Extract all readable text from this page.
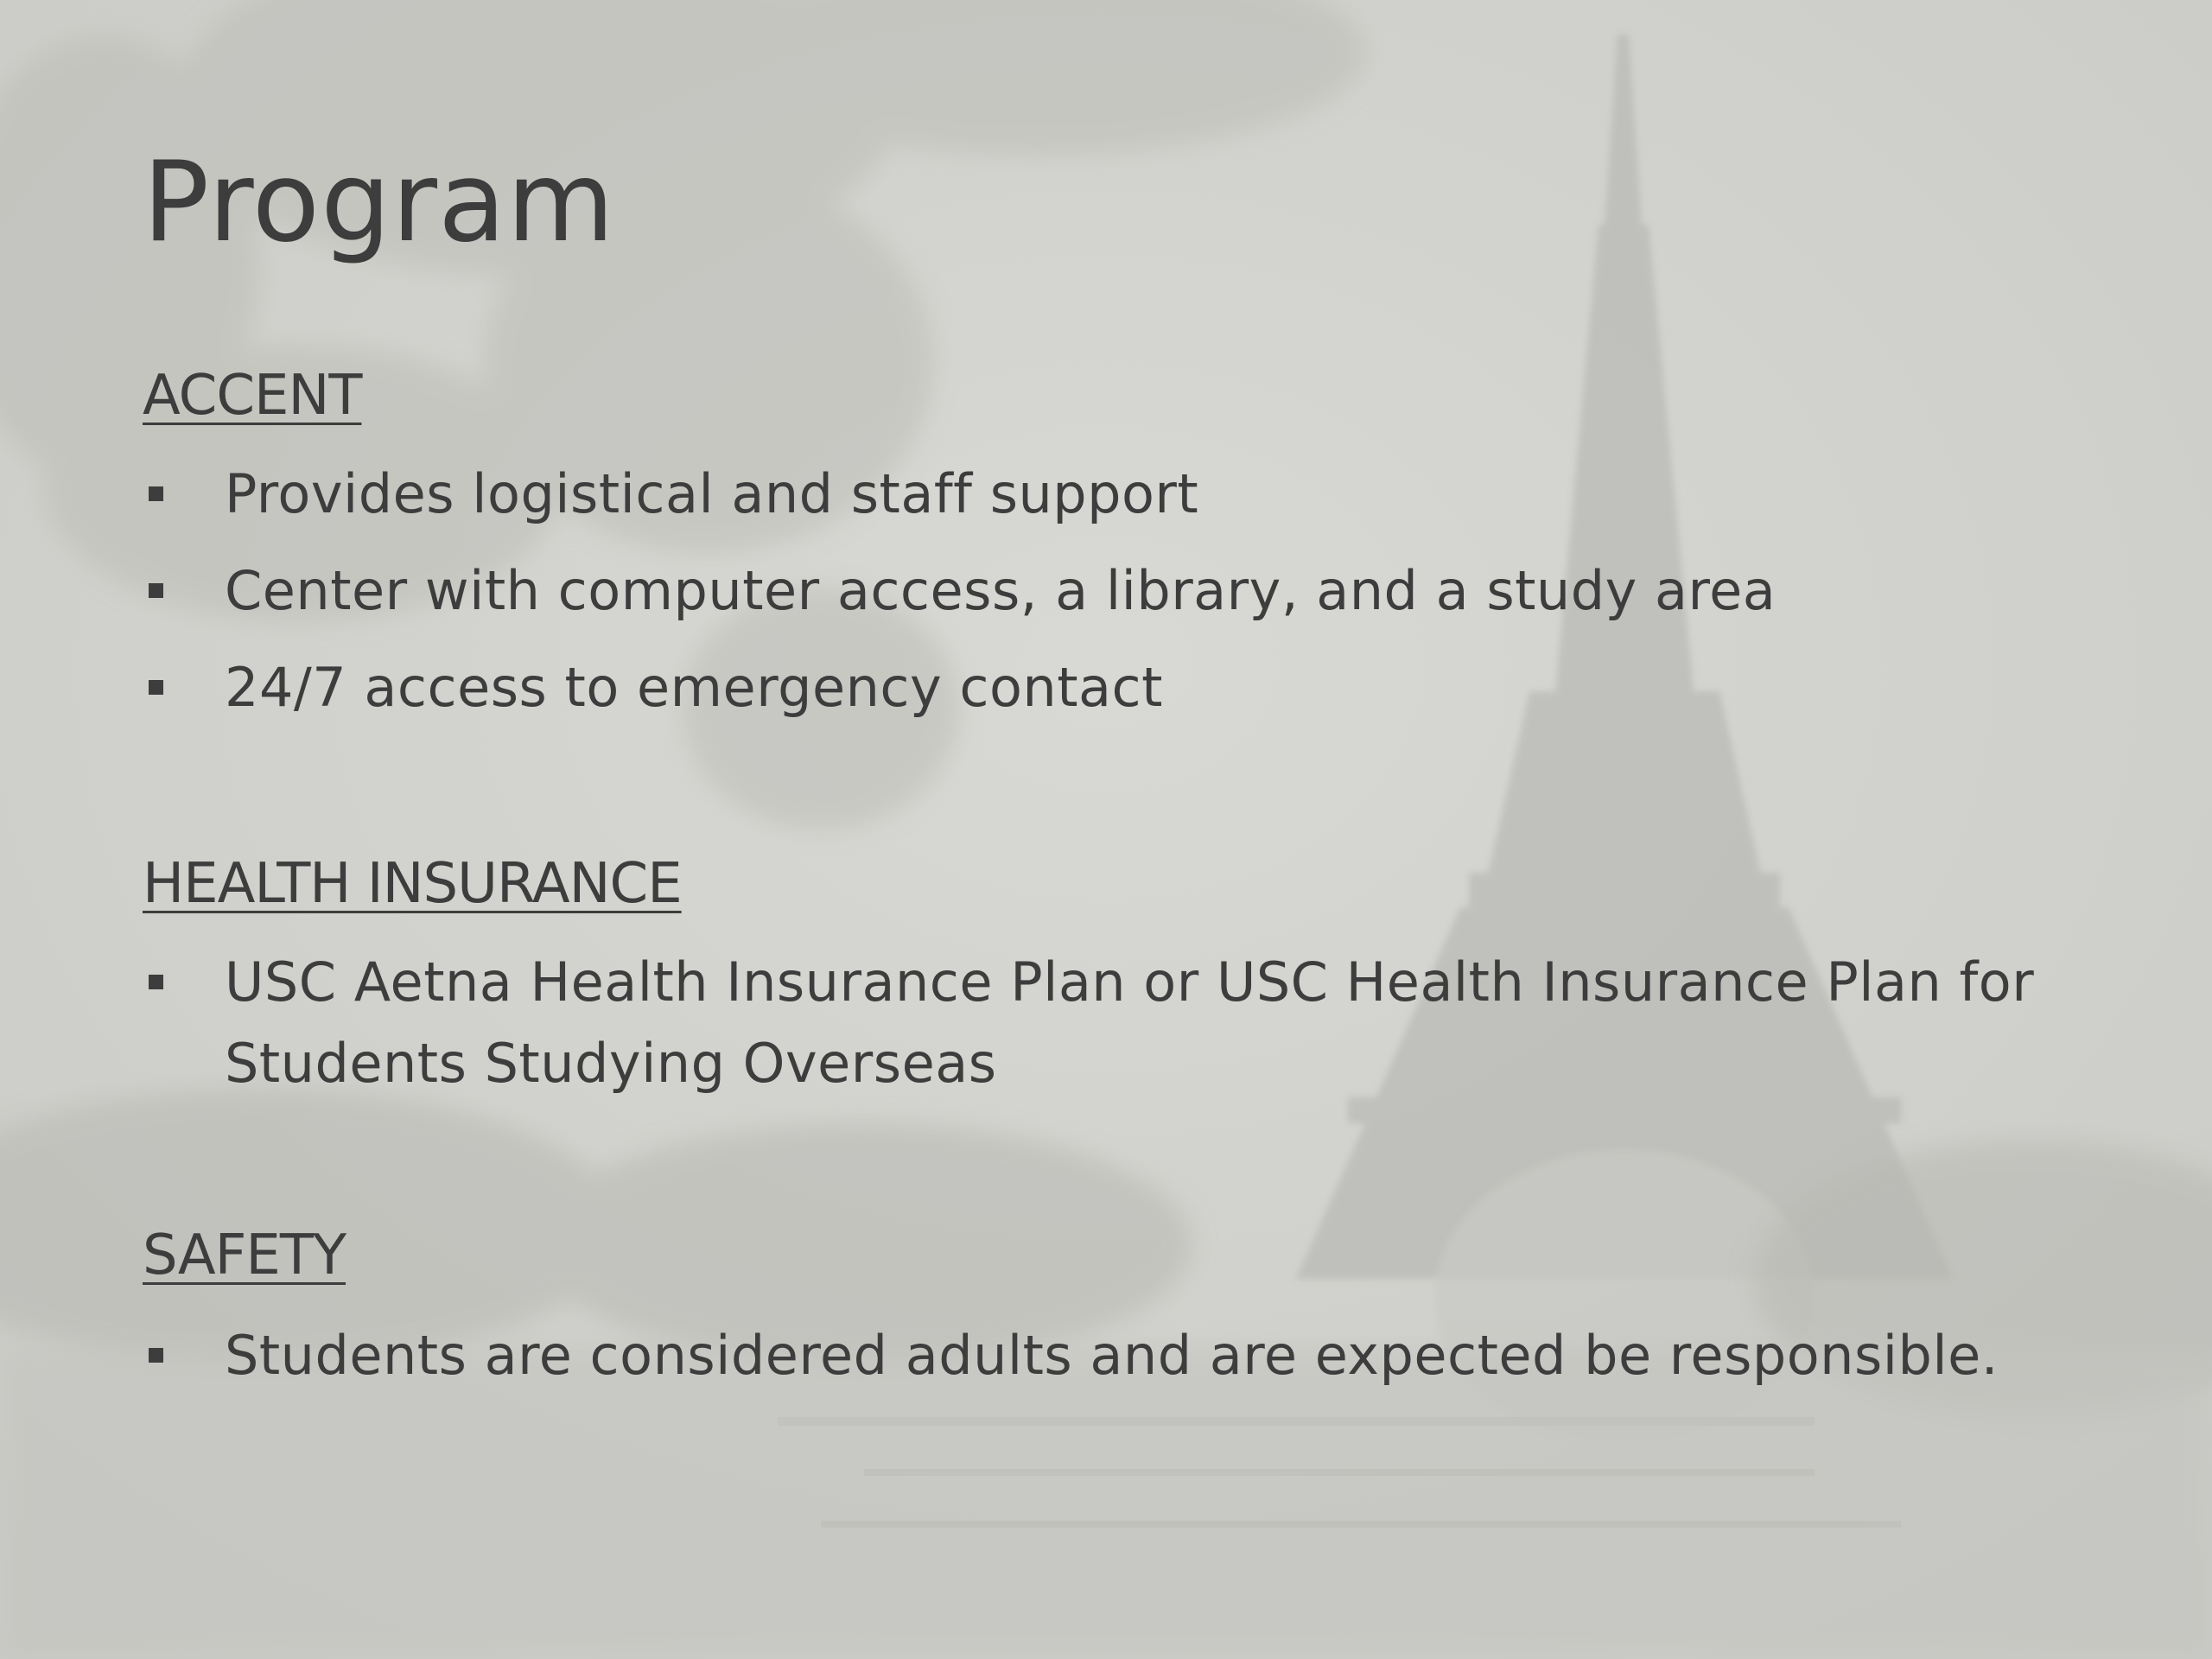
Program
ACCENT
Provides logistical and staff support
Center with computer access, a library, and a study area
24/7 access to emergency contact
HEALTH INSURANCE
USC Aetna Health Insurance Plan or USC Health Insurance Plan for Students Studying Overseas
SAFETY
Students are considered adults and are expected be responsible.
